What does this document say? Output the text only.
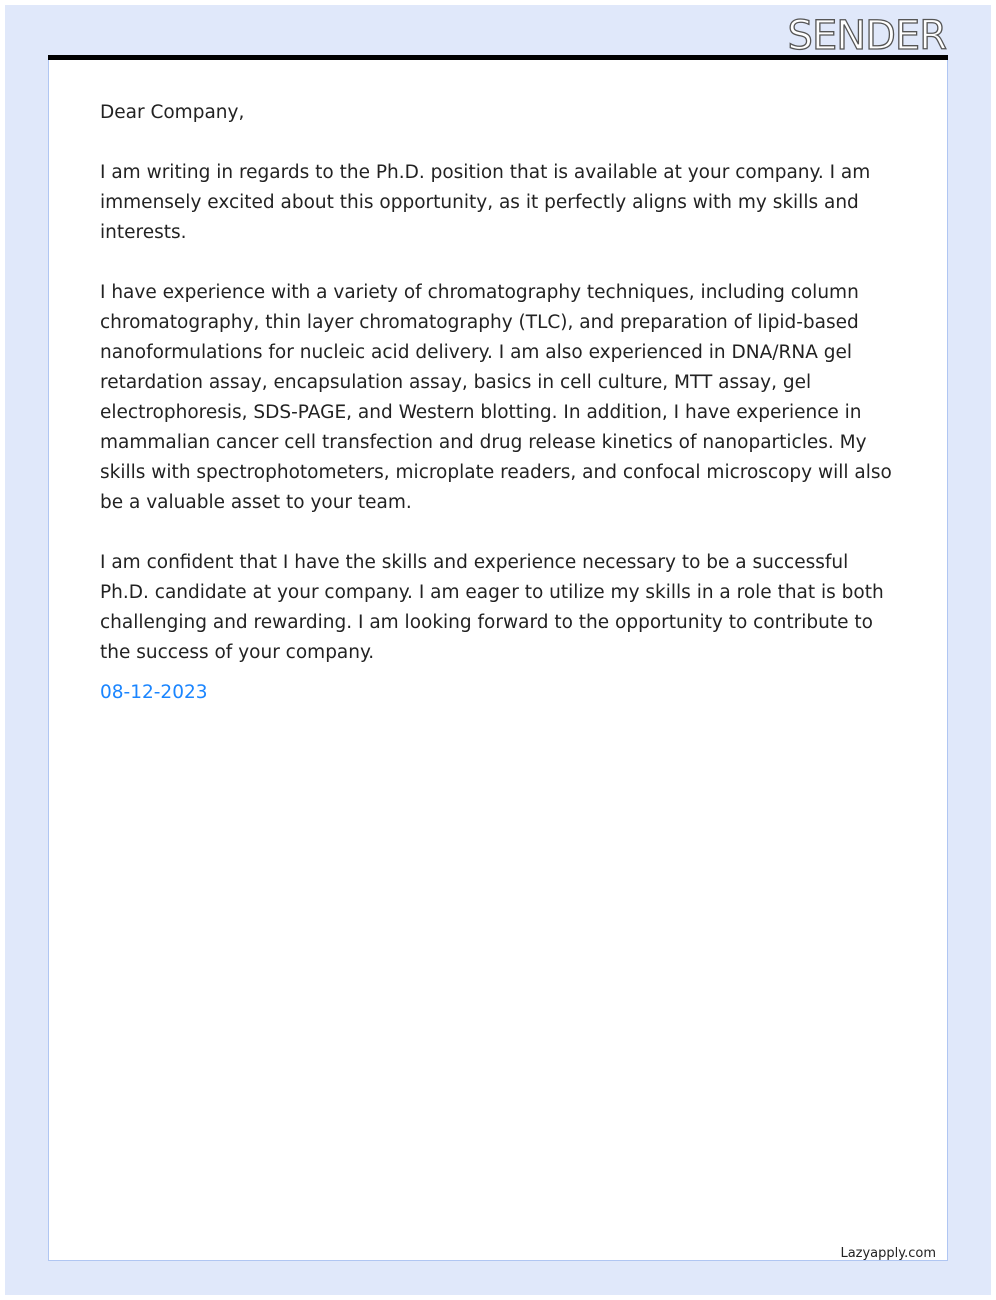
SENDER

Dear Company,

I am writing in regards to the Ph.D. position that is available at your company. I am immensely excited about this opportunity, as it perfectly aligns with my skills and interests.

I have experience with a variety of chromatography techniques, including column chromatography, thin layer chromatography (TLC), and preparation of lipid-based nanoformulations for nucleic acid delivery. I am also experienced in DNA/RNA gel retardation assay, encapsulation assay, basics in cell culture, MTT assay, gel electrophoresis, SDS-PAGE, and Western blotting. In addition, I have experience in mammalian cancer cell transfection and drug release kinetics of nanoparticles. My skills with spectrophotometers, microplate readers, and confocal microscopy will also be a valuable asset to your team.

I am confident that I have the skills and experience necessary to be a successful Ph.D. candidate at your company. I am eager to utilize my skills in a role that is both challenging and rewarding. I am looking forward to the opportunity to contribute to the success of your company.

08-12-2023
Lazyapply.com
